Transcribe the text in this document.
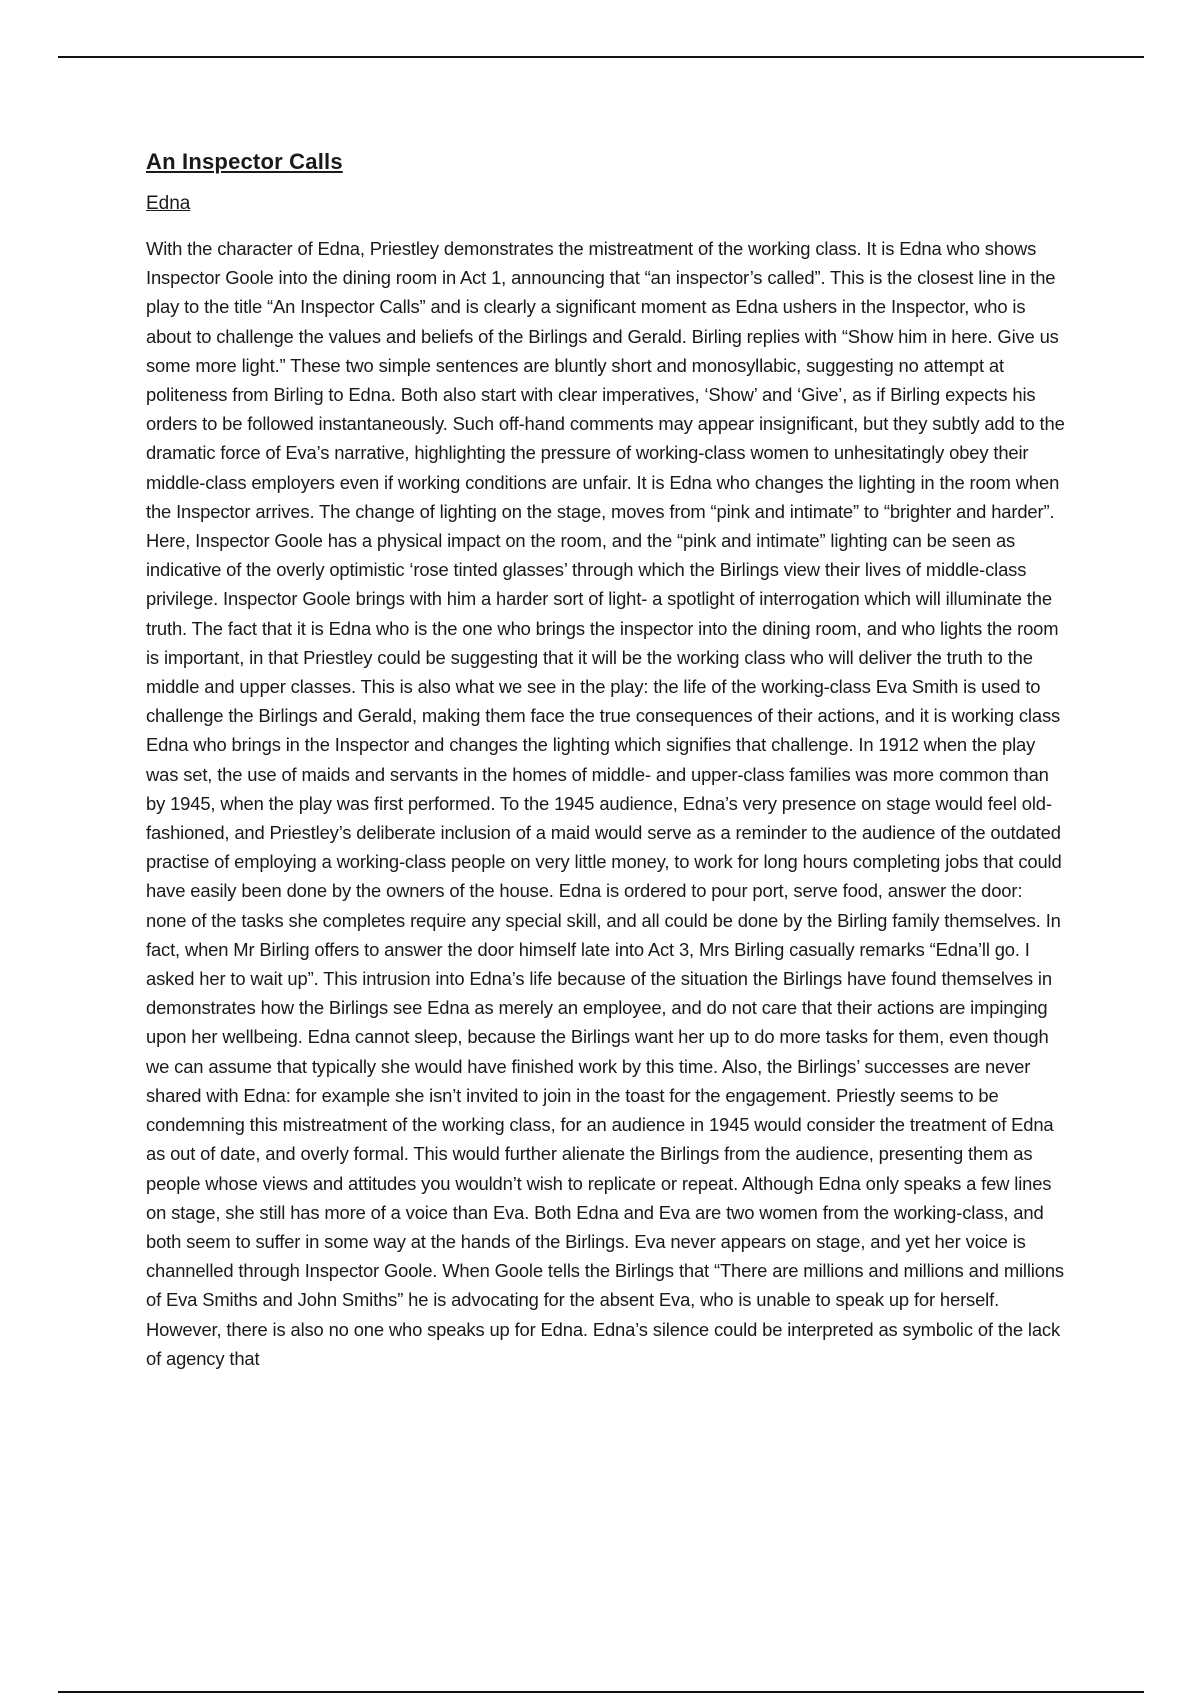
An Inspector Calls
Edna

With the character of Edna, Priestley demonstrates the mistreatment of the working class. It is Edna who shows Inspector Goole into the dining room in Act 1, announcing that “an inspector’s called”. This is the closest line in the play to the title “An Inspector Calls” and is clearly a significant moment as Edna ushers in the Inspector, who is about to challenge the values and beliefs of the Birlings and Gerald. Birling replies with “Show him in here. Give us some more light.” These two simple sentences are bluntly short and monosyllabic, suggesting no attempt at politeness from Birling to Edna. Both also start with clear imperatives, ‘Show’ and ‘Give’, as if Birling expects his orders to be followed instantaneously. Such off-hand comments may appear insignificant, but they subtly add to the dramatic force of Eva’s narrative, highlighting the pressure of working-class women to unhesitatingly obey their middle-class employers even if working conditions are unfair. It is Edna who changes the lighting in the room when the Inspector arrives. The change of lighting on the stage, moves from “pink and intimate” to “brighter and harder”. Here, Inspector Goole has a physical impact on the room, and the “pink and intimate” lighting can be seen as indicative of the overly optimistic ‘rose tinted glasses’ through which the Birlings view their lives of middle-class privilege. Inspector Goole brings with him a harder sort of light- a spotlight of interrogation which will illuminate the truth. The fact that it is Edna who is the one who brings the inspector into the dining room, and who lights the room is important, in that Priestley could be suggesting that it will be the working class who will deliver the truth to the middle and upper classes. This is also what we see in the play: the life of the working-class Eva Smith is used to challenge the Birlings and Gerald, making them face the true consequences of their actions, and it is working class Edna who brings in the Inspector and changes the lighting which signifies that challenge. In 1912 when the play was set, the use of maids and servants in the homes of middle- and upper-class families was more common than by 1945, when the play was first performed. To the 1945 audience, Edna’s very presence on stage would feel old-fashioned, and Priestley’s deliberate inclusion of a maid would serve as a reminder to the audience of the outdated practise of employing a working-class people on very little money, to work for long hours completing jobs that could have easily been done by the owners of the house. Edna is ordered to pour port, serve food, answer the door: none of the tasks she completes require any special skill, and all could be done by the Birling family themselves. In fact, when Mr Birling offers to answer the door himself late into Act 3, Mrs Birling casually remarks “Edna’ll go. I asked her to wait up”. This intrusion into Edna’s life because of the situation the Birlings have found themselves in demonstrates how the Birlings see Edna as merely an employee, and do not care that their actions are impinging upon her wellbeing. Edna cannot sleep, because the Birlings want her up to do more tasks for them, even though we can assume that typically she would have finished work by this time. Also, the Birlings’ successes are never shared with Edna: for example she isn’t invited to join in the toast for the engagement. Priestly seems to be condemning this mistreatment of the working class, for an audience in 1945 would consider the treatment of Edna as out of date, and overly formal. This would further alienate the Birlings from the audience, presenting them as people whose views and attitudes you wouldn’t wish to replicate or repeat. Although Edna only speaks a few lines on stage, she still has more of a voice than Eva. Both Edna and Eva are two women from the working-class, and both seem to suffer in some way at the hands of the Birlings. Eva never appears on stage, and yet her voice is channelled through Inspector Goole. When Goole tells the Birlings that “There are millions and millions and millions of Eva Smiths and John Smiths” he is advocating for the absent Eva, who is unable to speak up for herself. However, there is also no one who speaks up for Edna. Edna’s silence could be interpreted as symbolic of the lack of agency that
